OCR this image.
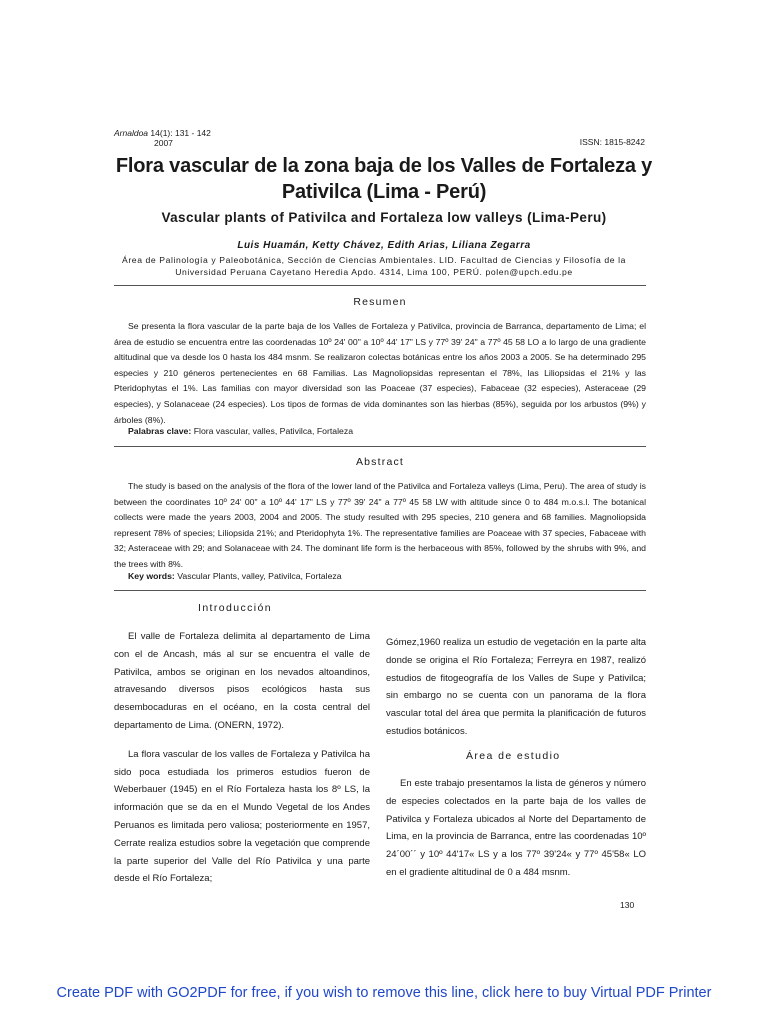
Arnaldoa 14(1): 131 - 142
2007	ISSN: 1815-8242
Flora vascular de la zona baja de los Valles de Fortaleza y
Pativilca (Lima - Perú)
Vascular plants of Pativilca and Fortaleza low valleys (Lima-Peru)
Luis Huamán, Ketty Chávez, Edith Arias, Liliana Zegarra
Área de Palinología y Paleobotánica, Sección de Ciencias Ambientales. LID. Facultad de Ciencias y Filosofía de la Universidad Peruana Cayetano Heredia Apdo. 4314, Lima 100, PERÚ. polen@upch.edu.pe
Resumen

Se presenta la flora vascular de la parte baja de los Valles de Fortaleza y Pativilca, provincia de Barranca, departamento de Lima; el área de estudio se encuentra entre las coordenadas 10º 24' 00" a 10º 44' 17" LS y 77º 39' 24" a 77º 45 58 LO a lo largo de una gradiente altitudinal que va desde los 0 hasta los 484 msnm. Se realizaron colectas botánicas entre los años 2003 a 2005. Se ha determinado 295 especies y 210 géneros pertenecientes en 68 Familias. Las Magnoliopsidas representan el 78%, las Liliopsidas el 21% y las Pteridophytas el 1%. Las familias con mayor diversidad son las Poaceae (37 especies), Fabaceae (32 especies), Asteraceae (29 especies), y Solanaceae (24 especies). Los tipos de formas de vida dominantes son las hierbas (85%), seguida por los arbustos (9%) y árboles (8%).

Palabras clave: Flora vascular, valles, Pativilca, Fortaleza
Abstract

The study is based on the analysis of the flora of the lower land of the Pativilca and Fortaleza valleys (Lima, Peru). The area of study is between the coordinates 10º 24' 00" a 10º 44' 17" LS y 77º 39' 24" a 77º 45 58 LW with altitude since 0 to 484 m.o.s.l. The botanical collects were made the years 2003, 2004 and 2005. The study resulted with 295 species, 210 genera and 68 families. Magnoliopsida represent 78% of species; Liliopsida 21%; and Pteridophyta 1%. The representative families are Poaceae with 37 species, Fabaceae with 32; Asteraceae with 29; and Solanaceae with 24. The dominant life form is the herbaceous with 85%, followed by the shrubs with 9%, and the trees with 8%.

Key words: Vascular Plants, valley, Pativilca, Fortaleza
Introducción

El valle de Fortaleza delimita al departamento de Lima con el de Ancash, más al sur se encuentra el valle de Pativilca, ambos se originan en los nevados altoandinos, atravesando diversos pisos ecológicos hasta sus desembocaduras en el océano, en la costa central del departamento de Lima. (ONERN, 1972).

La flora vascular de los valles de Fortaleza y Pativilca ha sido poca estudiada los primeros estudios fueron de Weberbauer (1945) en el Río Fortaleza hasta los 8º LS, la información que se da en el Mundo Vegetal de los Andes Peruanos es limitada pero valiosa; posteriormente en 1957, Cerrate realiza estudios sobre la vegetación que comprende la parte superior del Valle del Río Pativilca y una parte desde el Río Fortaleza;

Gómez,1960 realiza un estudio de vegetación en la parte alta donde se origina el Río Fortaleza; Ferreyra en 1987, realizó estudios de fitogeografía de los Valles de Supe y Pativilca; sin embargo no se cuenta con un panorama de la flora vascular total del área que permita la planificación de futuros estudios botánicos.

Área de estudio

En este trabajo presentamos la lista de géneros y número de especies colectados en la parte baja de los valles de Pativilca y Fortaleza ubicados al Norte del Departamento de Lima, en la provincia de Barranca, entre las coordenadas 10º 24´00´´ y 10º 44'17« LS y a los 77º 39'24« y 77º 45'58« LO en el gradiente altitudinal de 0 a 484 msnm.

130
Create PDF with GO2PDF for free, if you wish to remove this line, click here to buy Virtual PDF Printer
